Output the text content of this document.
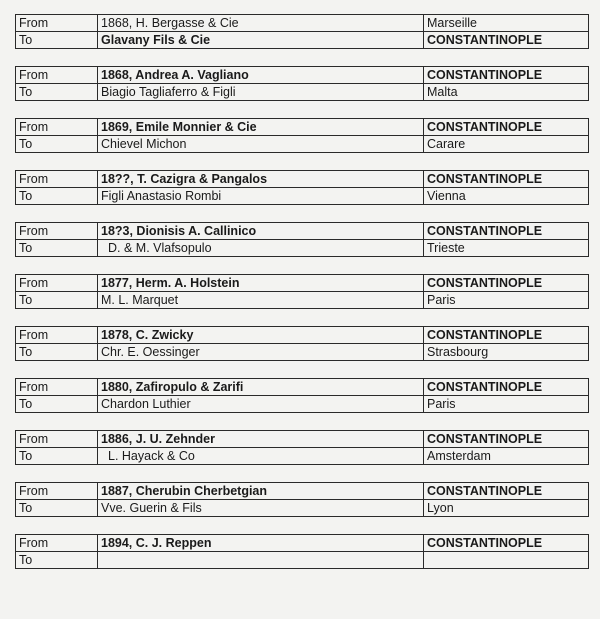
From	1868, H. Bergasse & Cie	Marseille
To	Glavany Fils & Cie	CONSTANTINOPLE
From	1868, Andrea A. Vagliano	CONSTANTINOPLE
To	Biagio Tagliaferro & Figli	Malta
From	1869, Emile Monnier & Cie	CONSTANTINOPLE
To	Chievel Michon	Carare
From	18??, T. Cazigra & Pangalos	CONSTANTINOPLE
To	Figli Anastasio Rombi	Vienna
From	18?3, Dionisis A. Callinico	CONSTANTINOPLE
To	D. & M. Vlafsopulo	Trieste
From	1877, Herm. A. Holstein	CONSTANTINOPLE
To	M. L. Marquet	Paris
From	1878, C. Zwicky	CONSTANTINOPLE
To	Chr. E. Oessinger	Strasbourg
From	1880, Zafiropulo & Zarifi	CONSTANTINOPLE
To	Chardon Luthier	Paris
From	1886, J. U. Zehnder	CONSTANTINOPLE
To	L. Hayack & Co	Amsterdam
From	1887, Cherubin Cherbetgian	CONSTANTINOPLE
To	Vve. Guerin & Fils	Lyon
From	1894, C. J. Reppen	CONSTANTINOPLE
To		
